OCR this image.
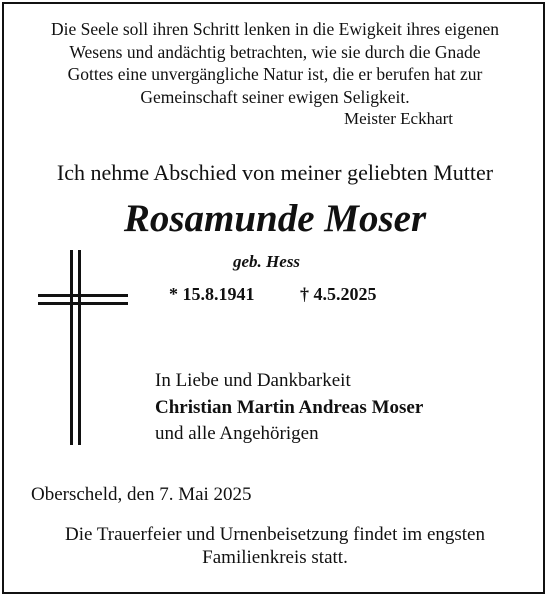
Die Seele soll ihren Schritt lenken in die Ewigkeit ihres eigenen
Wesens und andächtig betrachten, wie sie durch die Gnade
Gottes eine unvergängliche Natur ist, die er berufen hat zur
Gemeinschaft seiner ewigen Seligkeit.
Meister Eckhart
Ich nehme Abschied von meiner geliebten Mutter
Rosamunde Moser
geb. Hess
* 15.8.1941	† 4.5.2025
In Liebe und Dankbarkeit
Christian Martin Andreas Moser
und alle Angehörigen
Oberscheld, den 7. Mai 2025
Die Trauerfeier und Urnenbeisetzung findet im engsten
Familienkreis statt.
